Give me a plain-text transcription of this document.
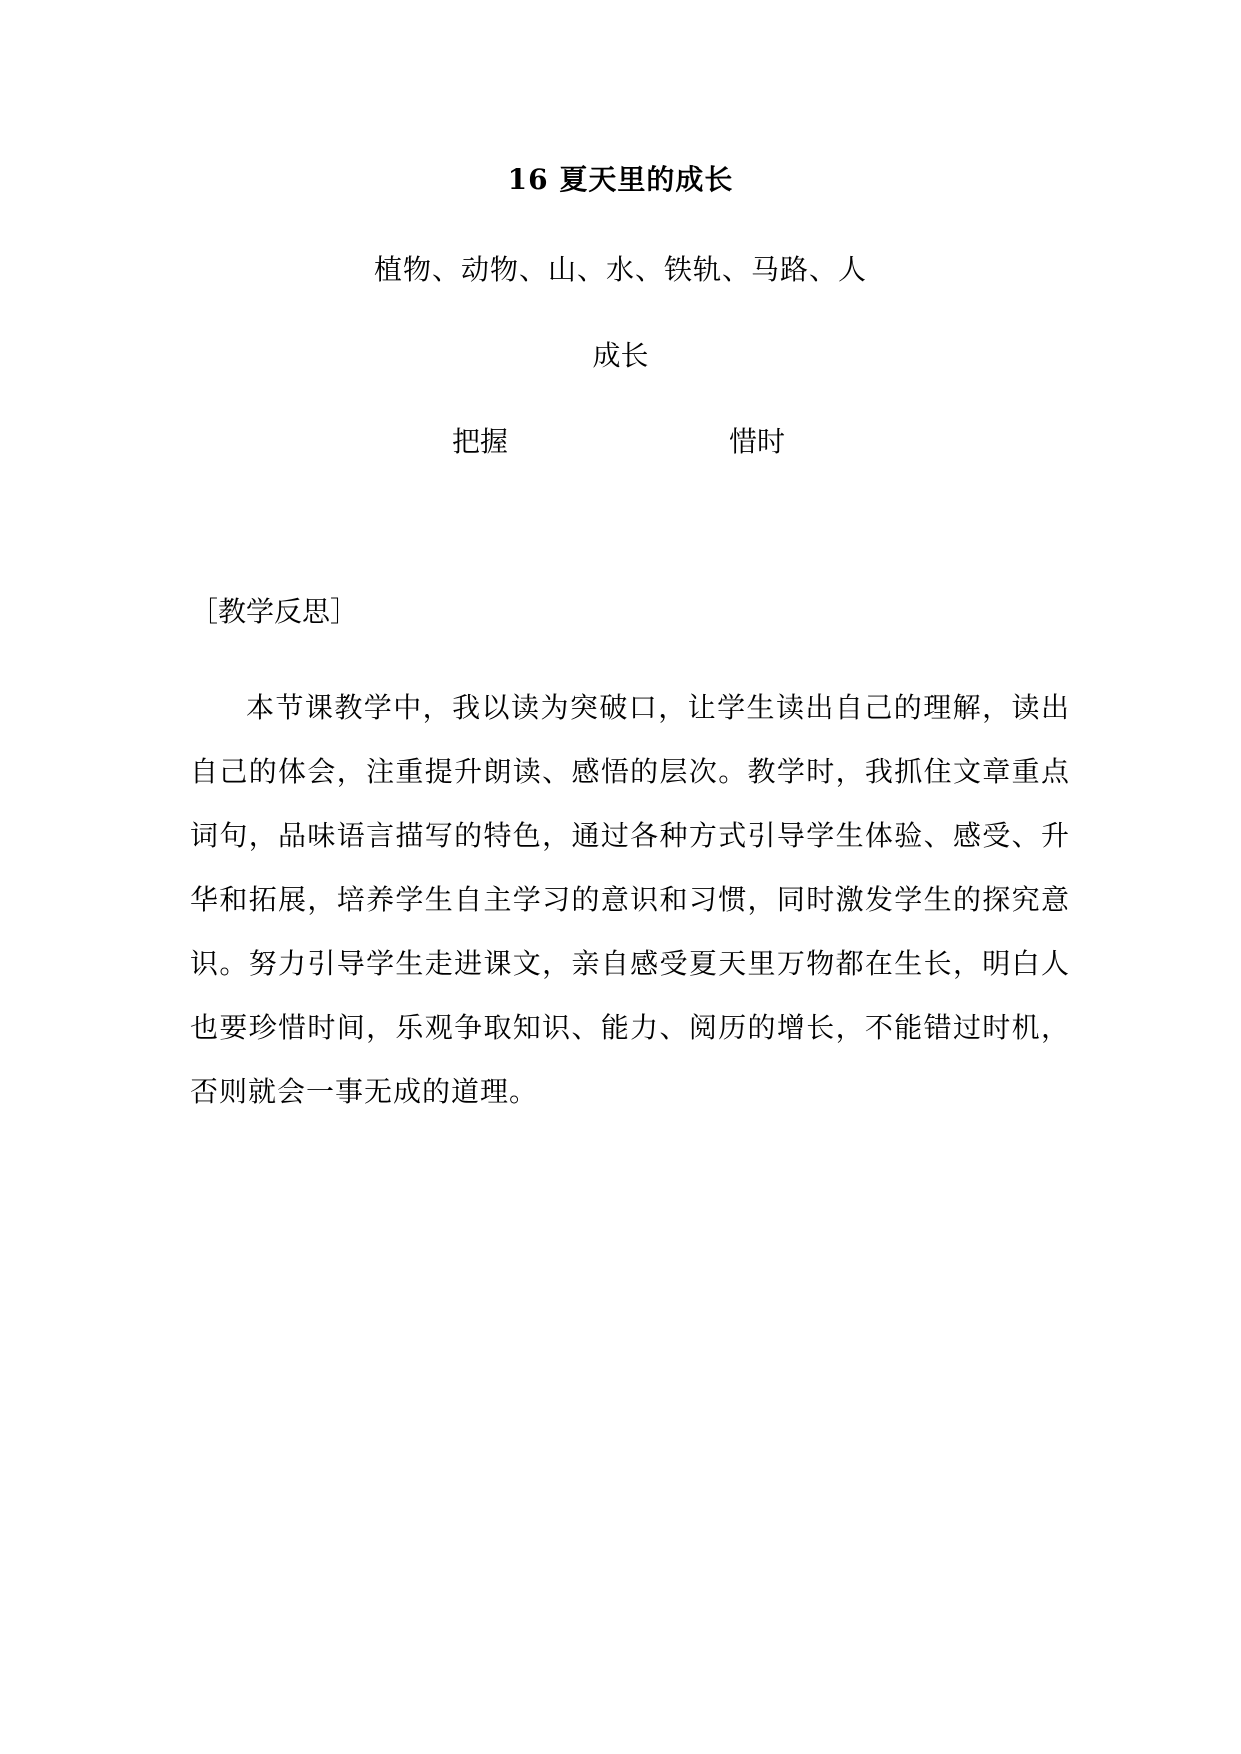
16 夏天里的成长
植物、动物、山、水、铁轨、马路、人
成长
把握	惜时
［教学反思］

本节课教学中，我以读为突破口，让学生读出自己的理解，读出自己的体会，注重提升朗读、感悟的层次。教学时，我抓住文章重点词句，品味语言描写的特色，通过各种方式引导学生体验、感受、升华和拓展，培养学生自主学习的意识和习惯，同时激发学生的探究意识。努力引导学生走进课文，亲自感受夏天里万物都在生长，明白人也要珍惜时间，乐观争取知识、能力、阅历的增长，不能错过时机，否则就会一事无成的道理。
